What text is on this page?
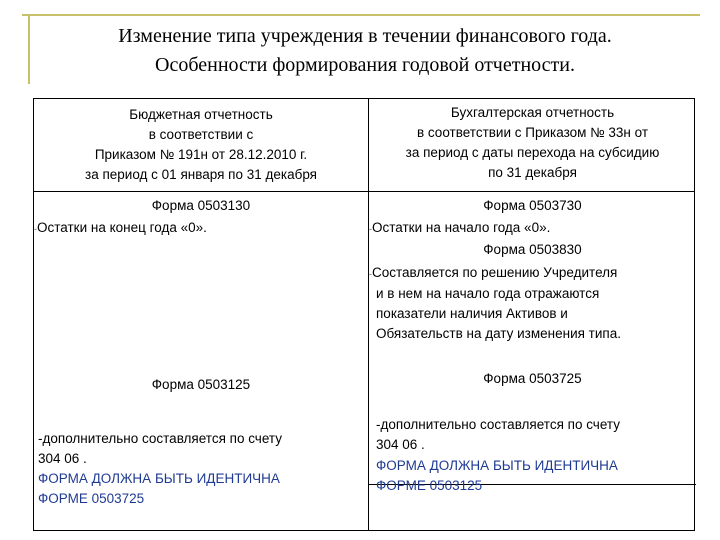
Изменение типа учреждения в течении финансового года.
Особенности формирования годовой отчетности.
Бюджетная отчетность
в соответствии с
Приказом № 191н от 28.12.2010 г.
за период с 01 января по 31 декабря
Бухгалтерская отчетность
в соответствии с Приказом № 33н от
за период с даты перехода на субсидию
по 31 декабря
Форма 0503130
-Остатки на конец года «0».
Форма 0503125
-дополнительно составляется по счету
304 06 .
ФОРМА ДОЛЖНА БЫТЬ ИДЕНТИЧНА
ФОРМЕ 0503725
Форма 0503730
-Остатки на начало года «0».
Форма 0503830
-Составляется по решению Учредителя
и в нем на начало года отражаются
показатели наличия Активов и
Обязательств на дату изменения типа.
Форма 0503725
-дополнительно составляется по счету
304 06 .
ФОРМА ДОЛЖНА БЫТЬ ИДЕНТИЧНА
ФОРМЕ 0503125
